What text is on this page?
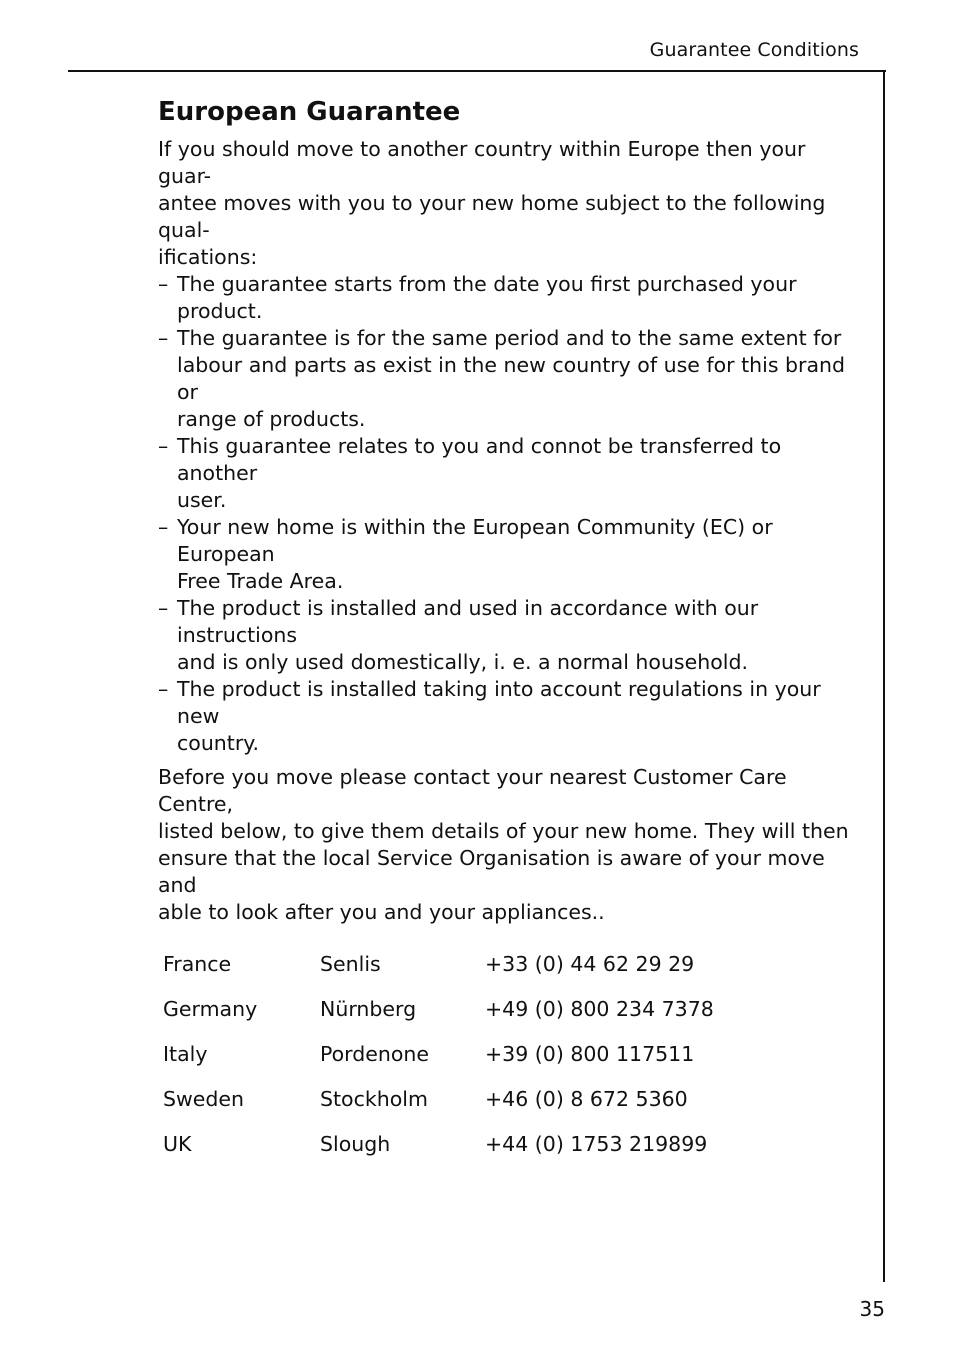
Guarantee Conditions
European Guarantee
If you should move to another country within Europe then your guar-
antee moves with you to your new home subject to the following qual-
ifications:
– The guarantee starts from the date you first purchased your product.
– The guarantee is for the same period and to the same extent for
labour and parts as exist in the new country of use for this brand or
range of products.
– This guarantee relates to you and connot be transferred to another
user.
– Your new home is within the European Community (EC) or European
Free Trade Area.
– The product is installed and used in accordance with our instructions
and is only used domestically, i. e. a normal household.
– The product is installed taking into account regulations in your new
country.
Before you move please contact your nearest Customer Care Centre,
listed below, to give them details of your new home. They will then
ensure that the local Service Organisation is aware of your move and
able to look after you and your appliances..
France	Senlis	+33 (0) 44 62 29 29
Germany	Nürnberg	+49 (0) 800 234 7378
Italy	Pordenone	+39 (0) 800 117511
Sweden	Stockholm	+46 (0) 8 672 5360
UK	Slough	+44 (0) 1753 219899
35
